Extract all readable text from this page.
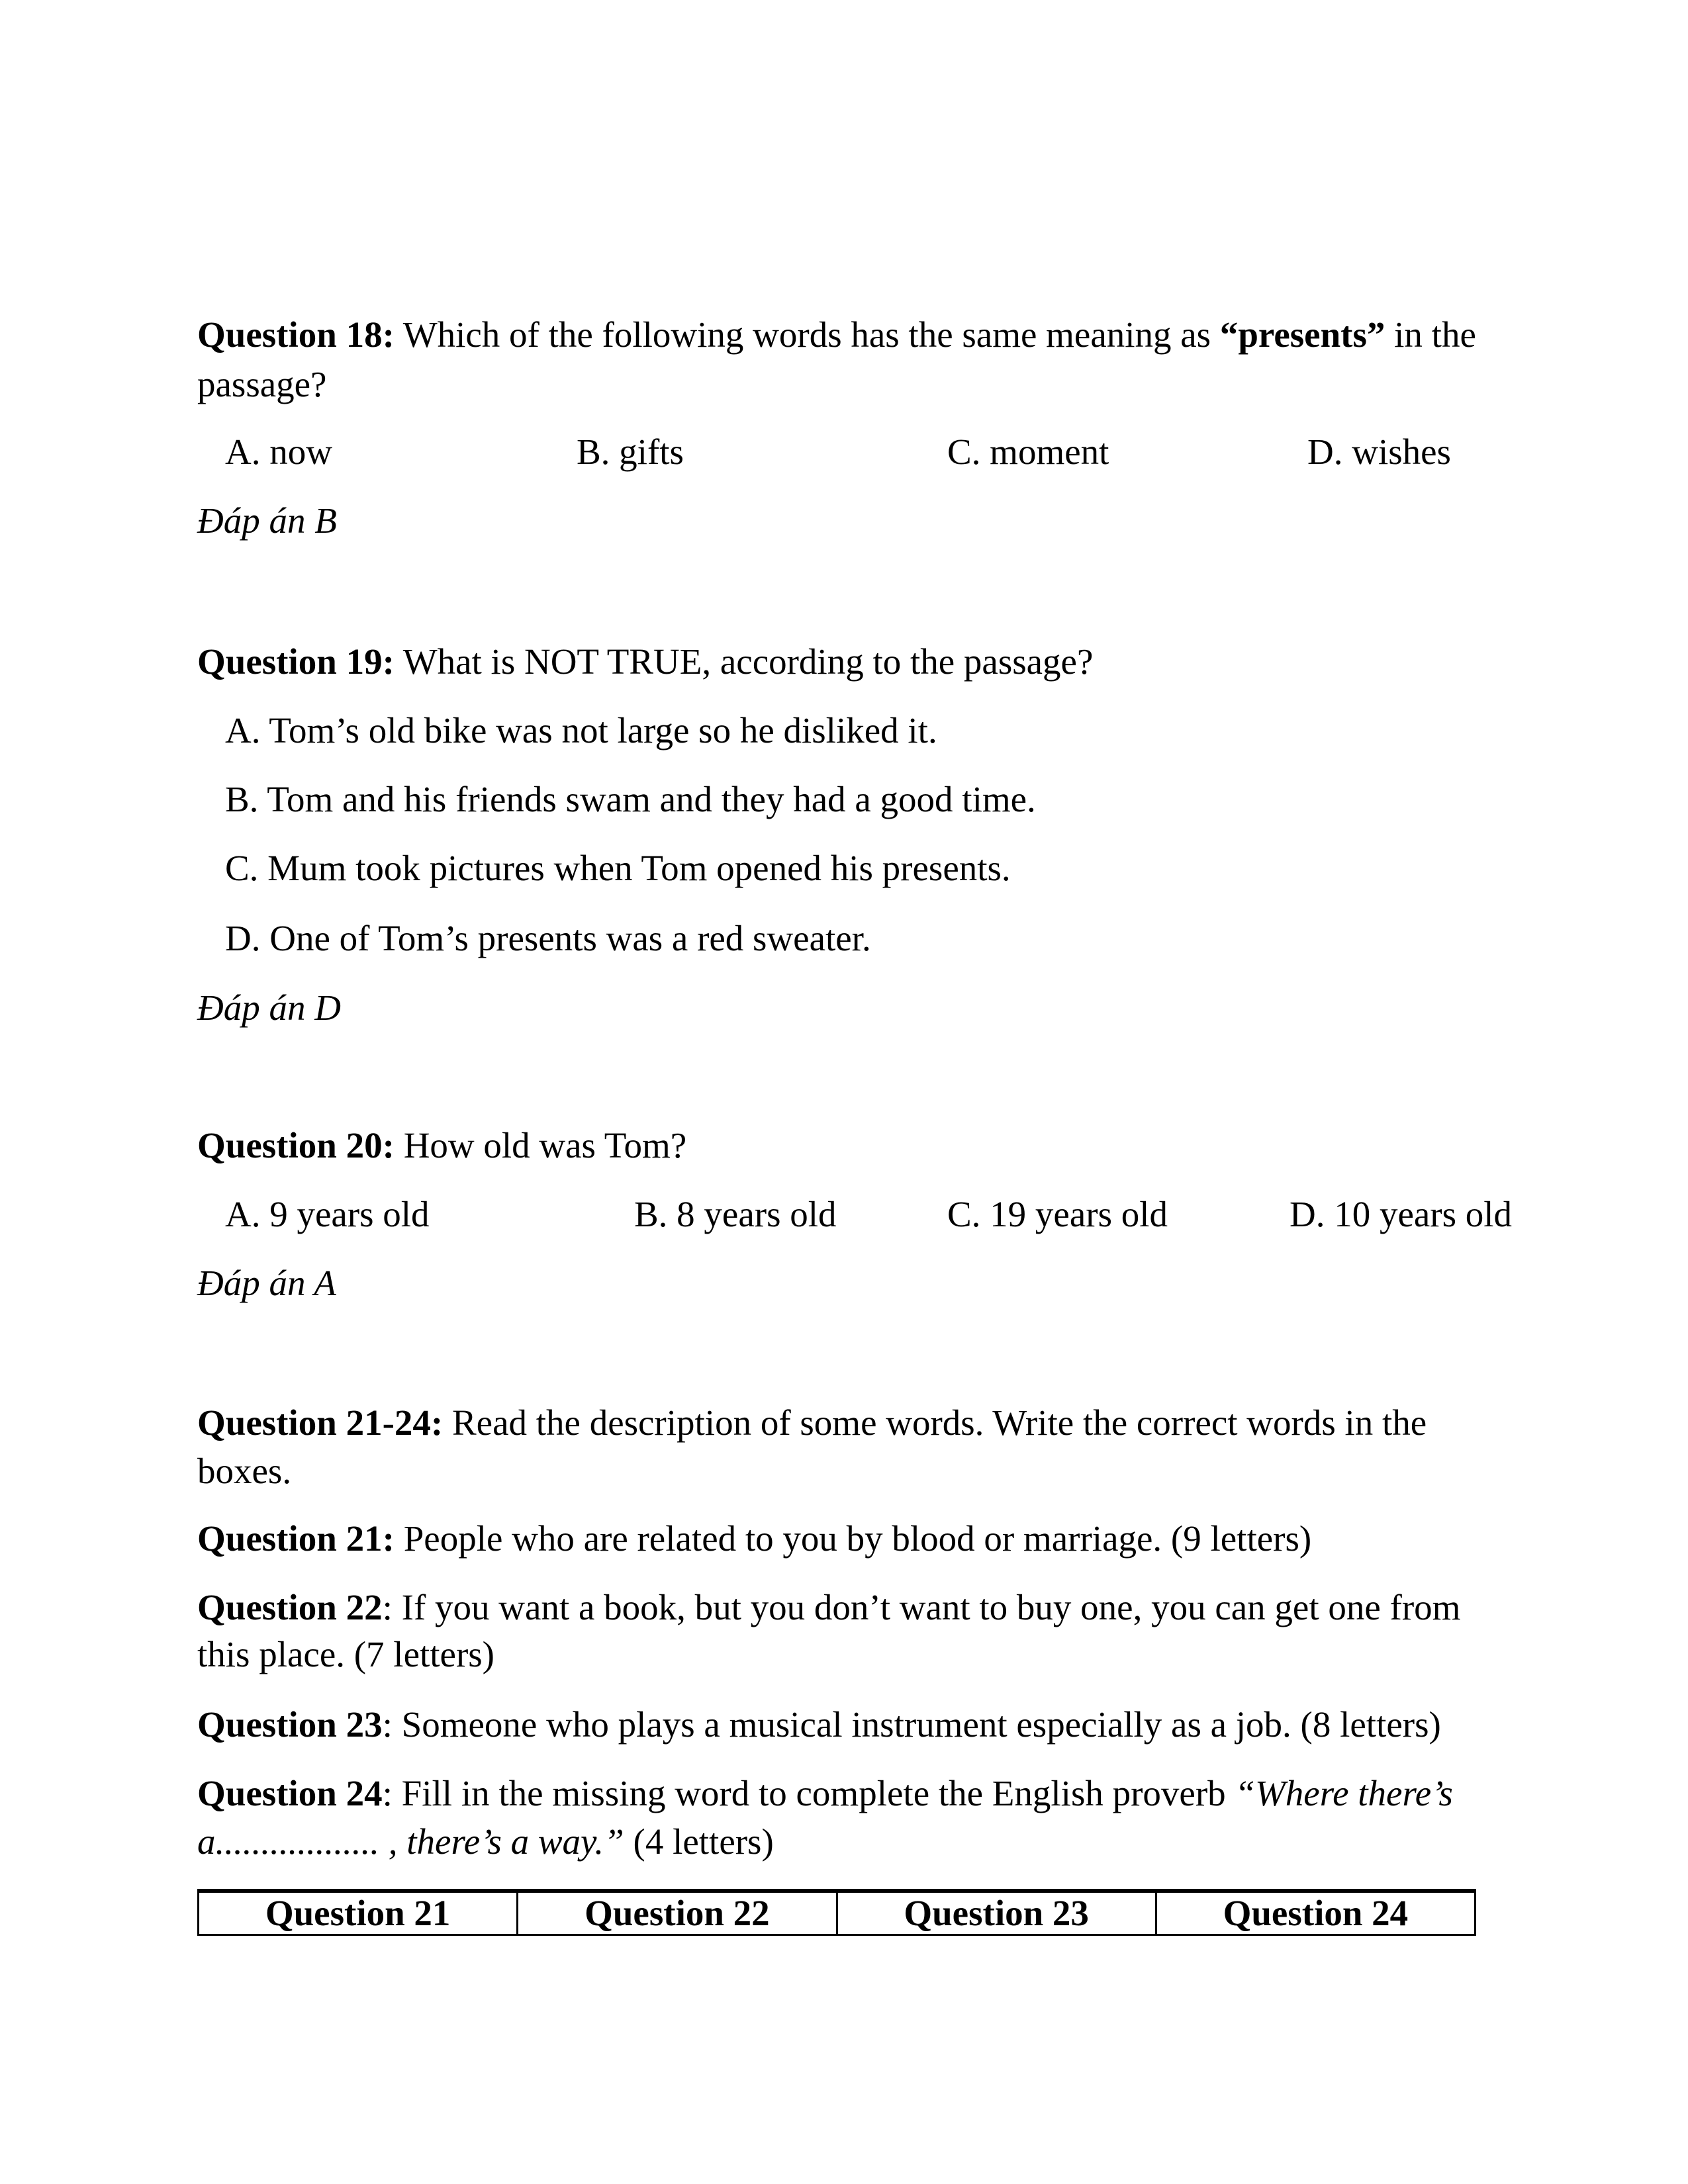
Question 18: Which of the following words has the same meaning as “presents” in the
passage?
A. now	B. gifts	C. moment	D. wishes
Đáp án B
Question 19: What is NOT TRUE, according to the passage?
A. Tom’s old bike was not large so he disliked it.
B. Tom and his friends swam and they had a good time.
C. Mum took pictures when Tom opened his presents.
D. One of Tom’s presents was a red sweater.
Đáp án D
Question 20: How old was Tom?
A. 9 years old	B. 8 years old	C. 19 years old	D. 10 years old
Đáp án A
Question 21-24: Read the description of some words. Write the correct words in the
boxes.
Question 21: People who are related to you by blood or marriage. (9 letters)
Question 22: If you want a book, but you don’t want to buy one, you can get one from
this place. (7 letters)
Question 23: Someone who plays a musical instrument especially as a job. (8 letters)
Question 24: Fill in the missing word to complete the English proverb “Where there’s
a.................. , there’s a way.” (4 letters)
Question 21	Question 22	Question 23	Question 24
